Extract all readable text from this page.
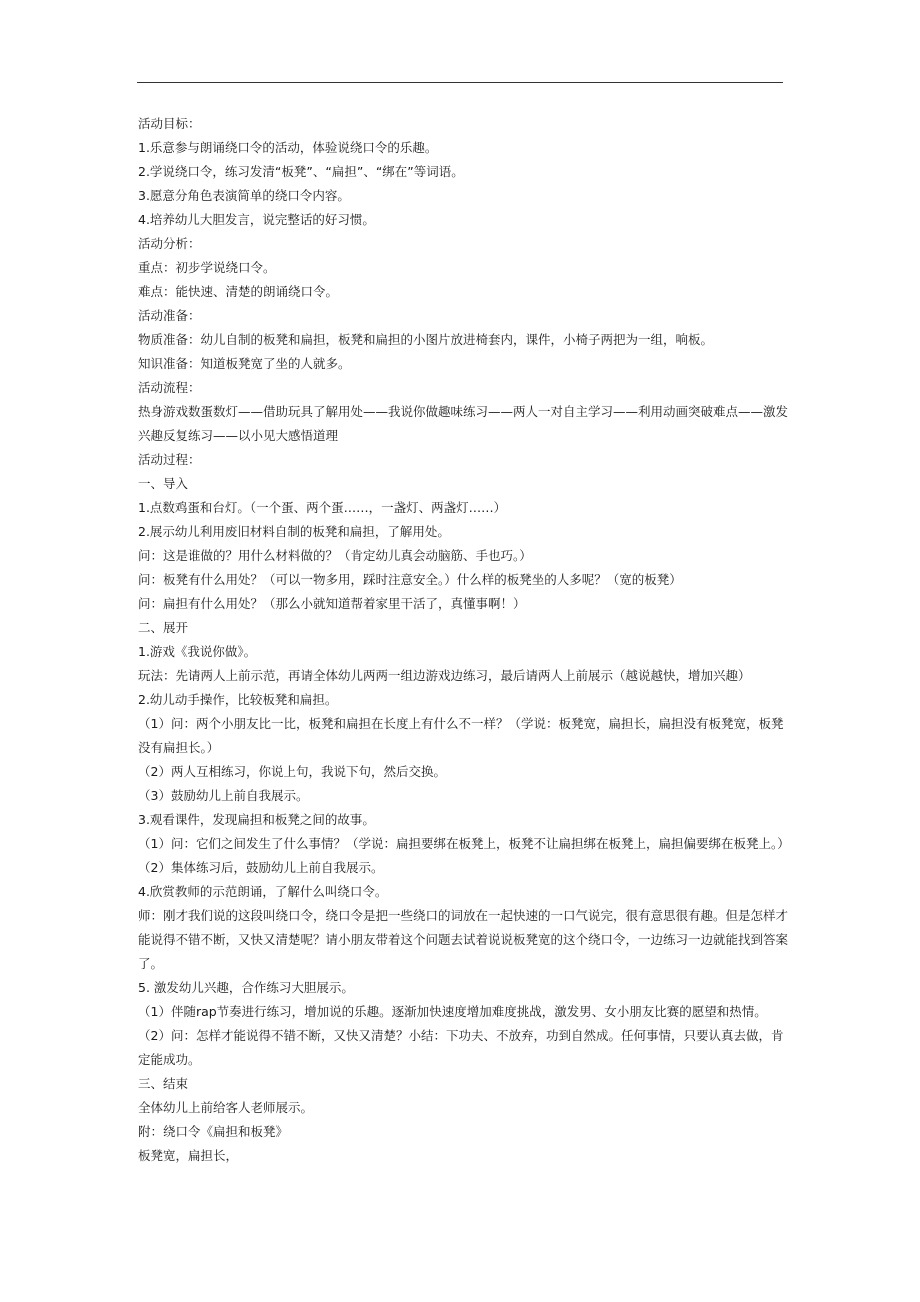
活动目标：
1.乐意参与朗诵绕口令的活动，体验说绕口令的乐趣。
2.学说绕口令，练习发清“板凳”、“扁担”、“绑在”等词语。
3.愿意分角色表演简单的绕口令内容。
4.培养幼儿大胆发言，说完整话的好习惯。
活动分析：
重点：初步学说绕口令。
难点：能快速、清楚的朗诵绕口令。
活动准备：
物质准备：幼儿自制的板凳和扁担，板凳和扁担的小图片放进椅套内，课件，小椅子两把为一组，响板。
知识准备：知道板凳宽了坐的人就多。
活动流程：
热身游戏数蛋数灯——借助玩具了解用处——我说你做趣味练习——两人一对自主学习——利用动画突破难点——激发
兴趣反复练习——以小见大感悟道理
活动过程：
一、导入
1.点数鸡蛋和台灯。（一个蛋、两个蛋……，一盏灯、两盏灯……）
2.展示幼儿利用废旧材料自制的板凳和扁担，了解用处。
问：这是谁做的？用什么材料做的？（肯定幼儿真会动脑筋、手也巧。）
问：板凳有什么用处？（可以一物多用，踩时注意安全。）什么样的板凳坐的人多呢？（宽的板凳）
问：扁担有什么用处？（那么小就知道帮着家里干活了，真懂事啊！）
二、展开
1.游戏《我说你做》。
玩法：先请两人上前示范，再请全体幼儿两两一组边游戏边练习，最后请两人上前展示（越说越快，增加兴趣）
2.幼儿动手操作，比较板凳和扁担。
（1）问：两个小朋友比一比，板凳和扁担在长度上有什么不一样？（学说：板凳宽，扁担长，扁担没有板凳宽，板凳
没有扁担长。）
（2）两人互相练习，你说上句，我说下句，然后交换。
（3）鼓励幼儿上前自我展示。
3.观看课件，发现扁担和板凳之间的故事。
（1）问：它们之间发生了什么事情？（学说：扁担要绑在板凳上，板凳不让扁担绑在板凳上，扁担偏要绑在板凳上。）
（2）集体练习后，鼓励幼儿上前自我展示。
4.欣赏教师的示范朗诵，了解什么叫绕口令。
师：刚才我们说的这段叫绕口令，绕口令是把一些绕口的词放在一起快速的一口气说完，很有意思很有趣。但是怎样才
能说得不错不断，又快又清楚呢？请小朋友带着这个问题去试着说说板凳宽的这个绕口令，一边练习一边就能找到答案
了。
5. 激发幼儿兴趣，合作练习大胆展示。
（1）伴随rap节奏进行练习，增加说的乐趣。逐渐加快速度增加难度挑战，激发男、女小朋友比赛的愿望和热情。
（2）问：怎样才能说得不错不断，又快又清楚？小结：下功夫、不放弃，功到自然成。任何事情，只要认真去做，肯
定能成功。
三、结束
全体幼儿上前给客人老师展示。
附：绕口令《扁担和板凳》
板凳宽，扁担长，
